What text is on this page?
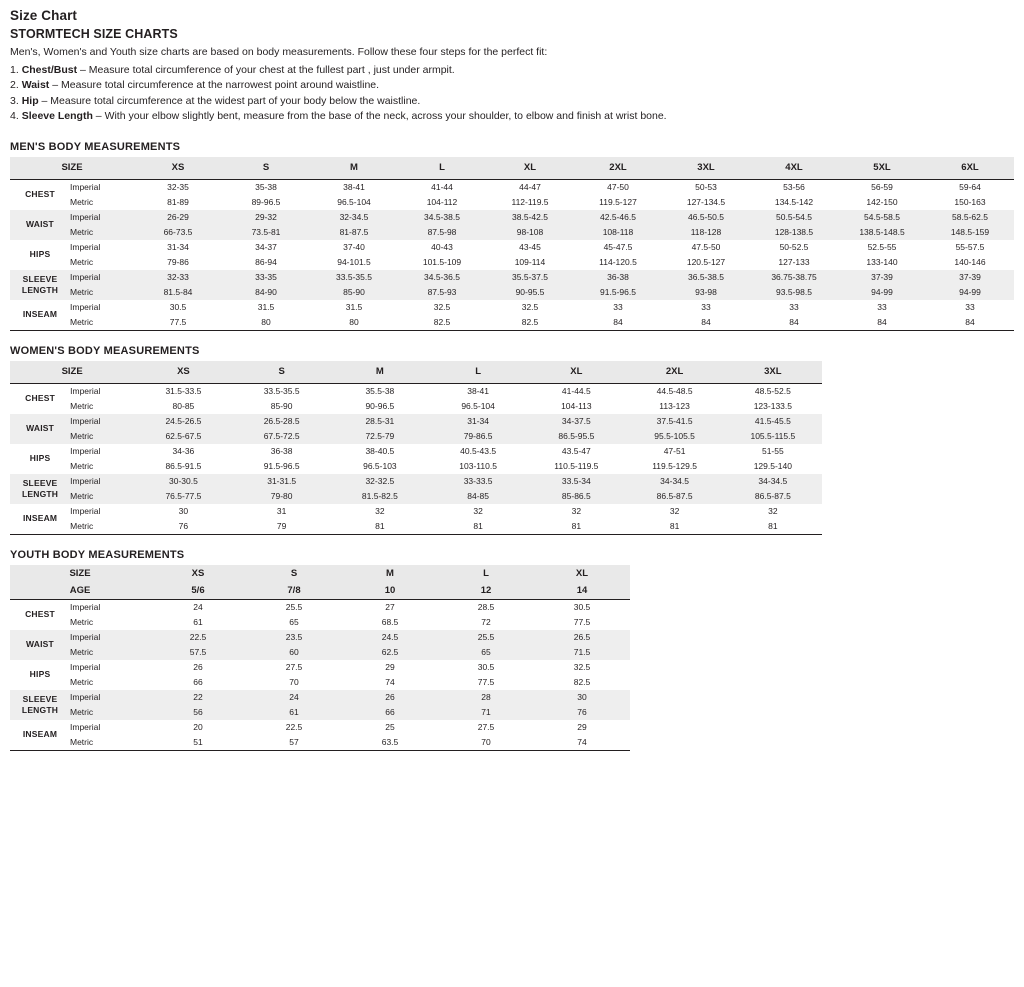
Size Chart
STORMTECH SIZE CHARTS
Men's, Women's and Youth size charts are based on body measurements. Follow these four steps for the perfect fit:
1. Chest/Bust – Measure total circumference of your chest at the fullest part , just under armpit.
2. Waist – Measure total circumference at the narrowest point around waistline.
3. Hip – Measure total circumference at the widest part of your body below the waistline.
4. Sleeve Length – With your elbow slightly bent, measure from the base of the neck, across your shoulder, to elbow and finish at wrist bone.
MEN'S BODY MEASUREMENTS
SIZE		XS	S	M	L	XL	2XL	3XL	4XL	5XL	6XL
CHEST	Imperial	32-35	35-38	38-41	41-44	44-47	47-50	50-53	53-56	56-59	59-64
	Metric	81-89	89-96.5	96.5-104	104-112	112-119.5	119.5-127	127-134.5	134.5-142	142-150	150-163
WAIST	Imperial	26-29	29-32	32-34.5	34.5-38.5	38.5-42.5	42.5-46.5	46.5-50.5	50.5-54.5	54.5-58.5	58.5-62.5
	Metric	66-73.5	73.5-81	81-87.5	87.5-98	98-108	108-118	118-128	128-138.5	138.5-148.5	148.5-159
HIPS	Imperial	31-34	34-37	37-40	40-43	43-45	45-47.5	47.5-50	50-52.5	52.5-55	55-57.5
	Metric	79-86	86-94	94-101.5	101.5-109	109-114	114-120.5	120.5-127	127-133	133-140	140-146
SLEEVE
LENGTH	Imperial	32-33	33-35	33.5-35.5	34.5-36.5	35.5-37.5	36-38	36.5-38.5	36.75-38.75	37-39	37-39
	Metric	81.5-84	84-90	85-90	87.5-93	90-95.5	91.5-96.5	93-98	93.5-98.5	94-99	94-99
INSEAM	Imperial	30.5	31.5	31.5	32.5	32.5	33	33	33	33	33
	Metric	77.5	80	80	82.5	82.5	84	84	84	84	84
WOMEN'S BODY MEASUREMENTS
SIZE		XS	S	M	L	XL	2XL	3XL
CHEST	Imperial	31.5-33.5	33.5-35.5	35.5-38	38-41	41-44.5	44.5-48.5	48.5-52.5
	Metric	80-85	85-90	90-96.5	96.5-104	104-113	113-123	123-133.5
WAIST	Imperial	24.5-26.5	26.5-28.5	28.5-31	31-34	34-37.5	37.5-41.5	41.5-45.5
	Metric	62.5-67.5	67.5-72.5	72.5-79	79-86.5	86.5-95.5	95.5-105.5	105.5-115.5
HIPS	Imperial	34-36	36-38	38-40.5	40.5-43.5	43.5-47	47-51	51-55
	Metric	86.5-91.5	91.5-96.5	96.5-103	103-110.5	110.5-119.5	119.5-129.5	129.5-140
SLEEVE
LENGTH	Imperial	30-30.5	31-31.5	32-32.5	33-33.5	33.5-34	34-34.5	34-34.5
	Metric	76.5-77.5	79-80	81.5-82.5	84-85	85-86.5	86.5-87.5	86.5-87.5
INSEAM	Imperial	30	31	32	32	32	32	32
	Metric	76	79	81	81	81	81	81
YOUTH BODY MEASUREMENTS
SIZE		XS	S	M	L	XL
AGE		5/6	7/8	10	12	14
CHEST	Imperial	24	25.5	27	28.5	30.5
	Metric	61	65	68.5	72	77.5
WAIST	Imperial	22.5	23.5	24.5	25.5	26.5
	Metric	57.5	60	62.5	65	71.5
HIPS	Imperial	26	27.5	29	30.5	32.5
	Metric	66	70	74	77.5	82.5
SLEEVE
LENGTH	Imperial	22	24	26	28	30
	Metric	56	61	66	71	76
INSEAM	Imperial	20	22.5	25	27.5	29
	Metric	51	57	63.5	70	74
